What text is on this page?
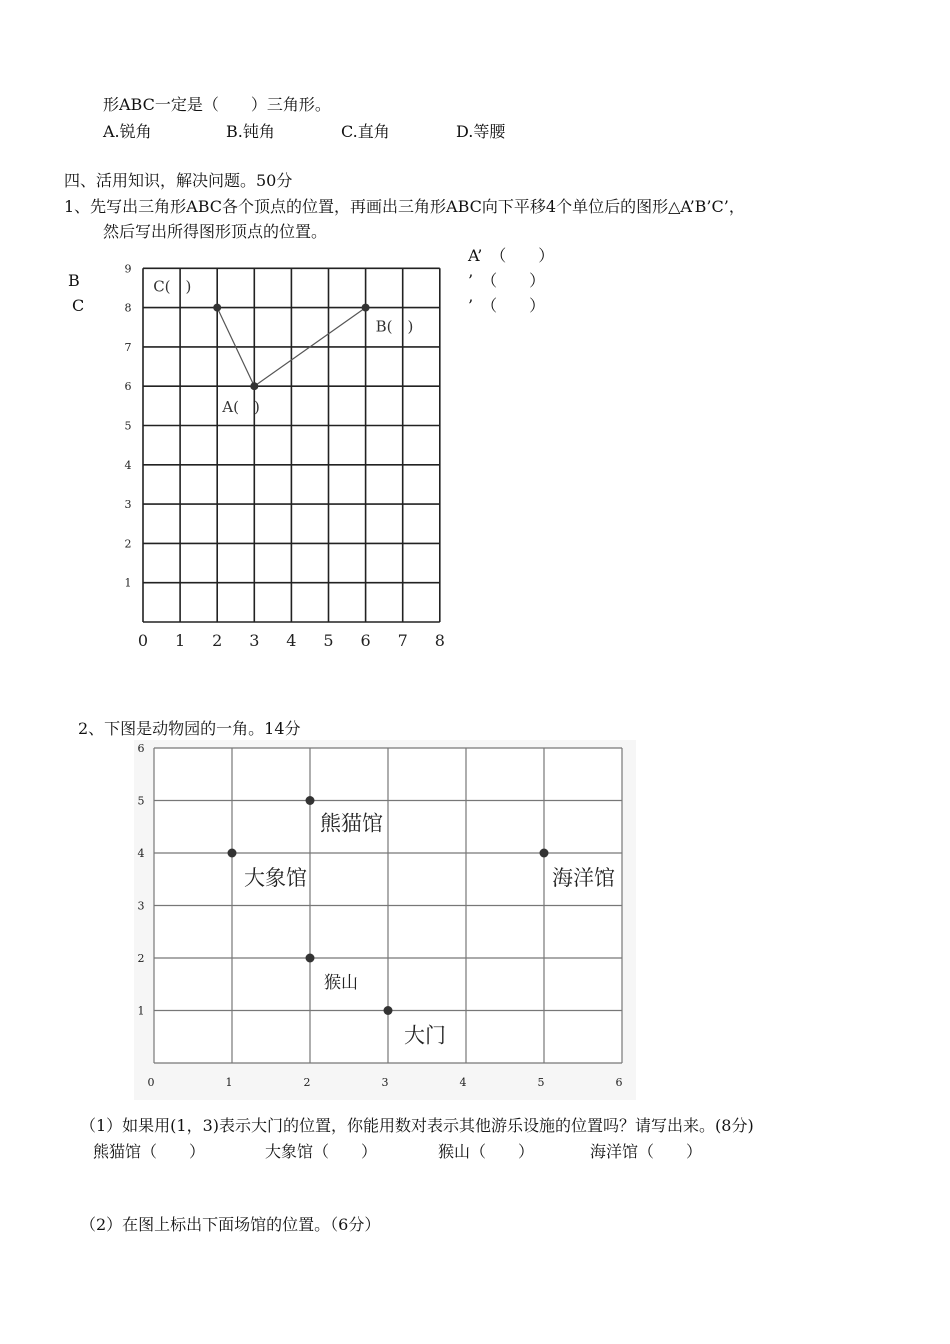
形ABC一定是（　　）三角形。
A.锐角	B.钝角	C.直角	D.等腰
四、活用知识，解决问题。50分
1、先写出三角形ABC各个顶点的位置，再画出三角形ABC向下平移4个单位后的图形△A’B’C’，
然后写出所得图形顶点的位置。
A’　（　　）
’　（　　）
’　（　　）
B
C
0 1 2 3 4 5 6 7 8
1
2
3
4
5
6
7
8
9
A(　)
B(　)
C(　)
2、下图是动物园的一角。14分
0	1	2	3	4	5	6
1
2
3
4
5
6
熊猫馆
大象馆	海洋馆
猴山
大门
（1）如果用(1，3)表示大门的位置，你能用数对表示其他游乐设施的位置吗？请写出来。(8分)
熊猫馆（　　）	大象馆（　　）	猴山（　　）	海洋馆（　　）
（2）在图上标出下面场馆的位置。（6分）
